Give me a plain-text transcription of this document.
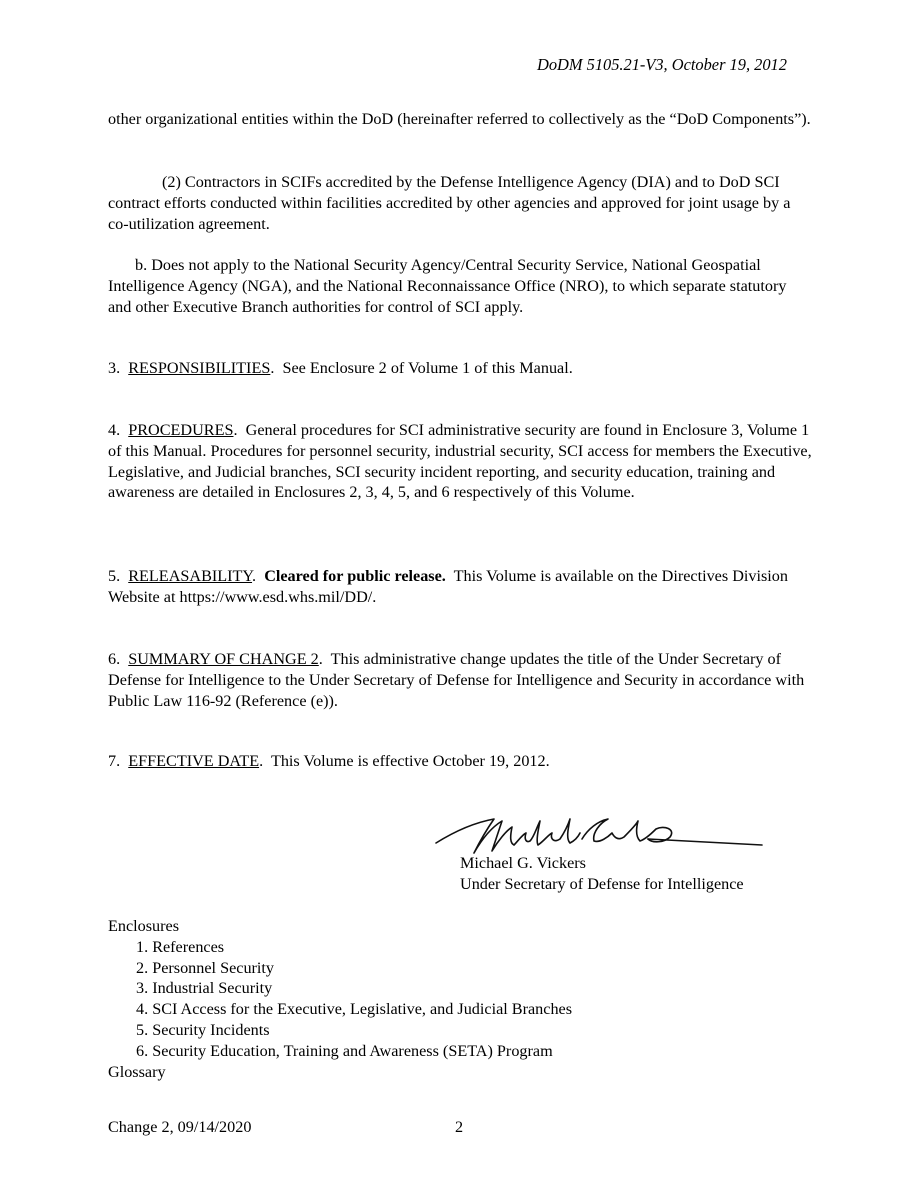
DoDM 5105.21-V3, October 19, 2012
other organizational entities within the DoD (hereinafter referred to collectively as the “DoD Components”).
(2) Contractors in SCIFs accredited by the Defense Intelligence Agency (DIA) and to DoD SCI contract efforts conducted within facilities accredited by other agencies and approved for joint usage by a co-utilization agreement.
b. Does not apply to the National Security Agency/Central Security Service, National Geospatial Intelligence Agency (NGA), and the National Reconnaissance Office (NRO), to which separate statutory and other Executive Branch authorities for control of SCI apply.
3. RESPONSIBILITIES.  See Enclosure 2 of Volume 1 of this Manual.
4. PROCEDURES.  General procedures for SCI administrative security are found in Enclosure 3, Volume 1 of this Manual. Procedures for personnel security, industrial security, SCI access for members the Executive, Legislative, and Judicial branches, SCI security incident reporting, and security education, training and awareness are detailed in Enclosures 2, 3, 4, 5, and 6 respectively of this Volume.
5. RELEASABILITY.  Cleared for public release. This Volume is available on the Directives Division Website at https://www.esd.whs.mil/DD/.
6. SUMMARY OF CHANGE 2.  This administrative change updates the title of the Under Secretary of Defense for Intelligence to the Under Secretary of Defense for Intelligence and Security in accordance with Public Law 116-92 (Reference (e)).
7. EFFECTIVE DATE.  This Volume is effective October 19, 2012.
Michael G. Vickers
Under Secretary of Defense for Intelligence
Enclosures
1. References
2. Personnel Security
3. Industrial Security
4. SCI Access for the Executive, Legislative, and Judicial Branches
5. Security Incidents
6. Security Education, Training and Awareness (SETA) Program
Glossary
Change 2, 09/14/2020	2
